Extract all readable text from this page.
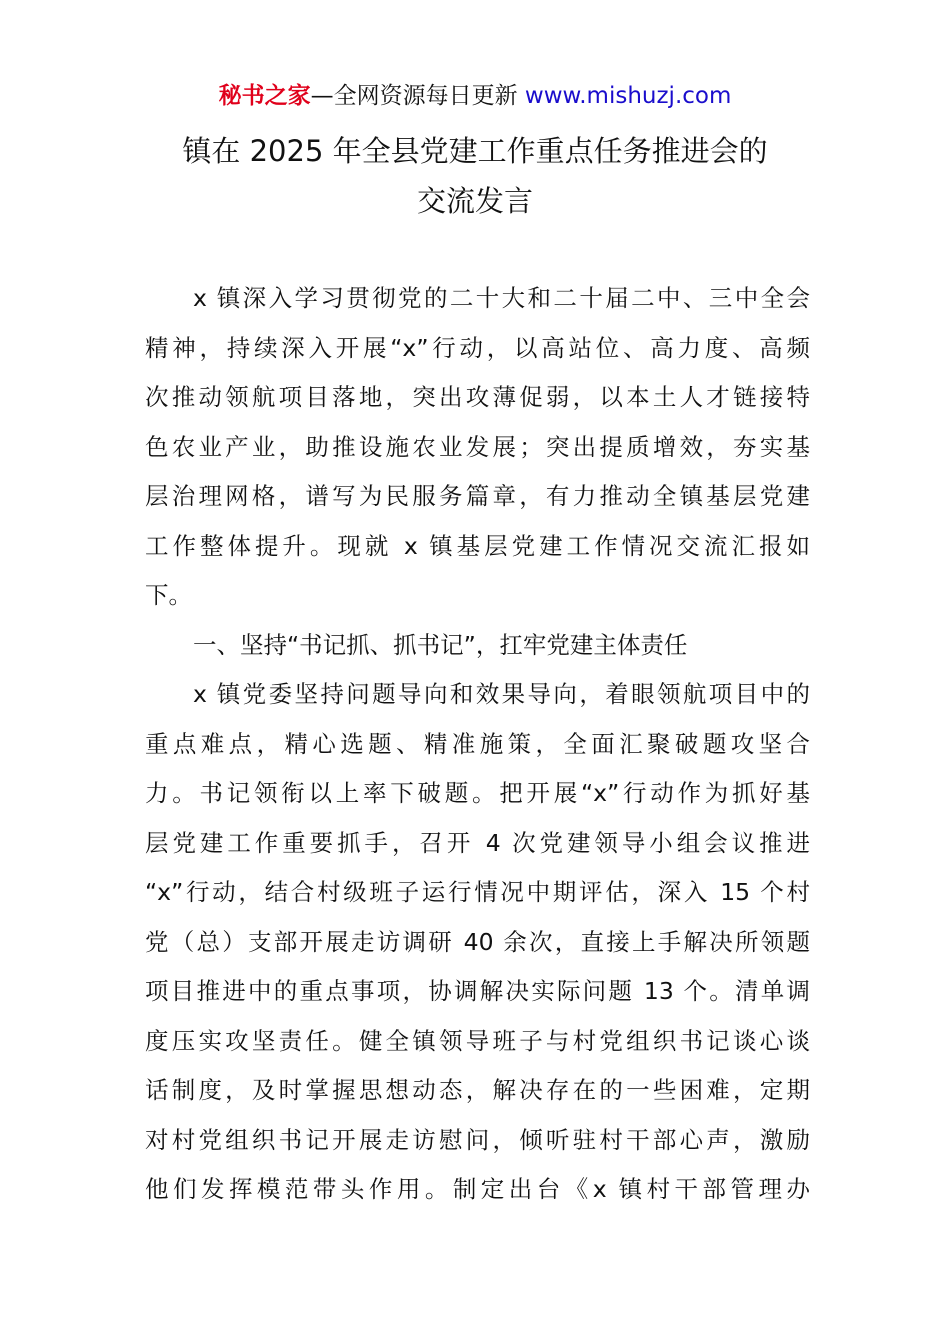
秘书之家—全网资源每日更新 www.mishuzj.com
镇在 2025 年全县党建工作重点任务推进会的
交流发言
x 镇深入学习贯彻党的二十大和二十届二中、三中全会
精神，持续深入开展“x”行动，以高站位、高力度、高频
次推动领航项目落地，突出攻薄促弱，以本土人才链接特
色农业产业，助推设施农业发展；突出提质增效，夯实基
层治理网格，谱写为民服务篇章，有力推动全镇基层党建
工作整体提升。现就 x 镇基层党建工作情况交流汇报如
下。
一、坚持“书记抓、抓书记”，扛牢党建主体责任
x 镇党委坚持问题导向和效果导向，着眼领航项目中的
重点难点，精心选题、精准施策，全面汇聚破题攻坚合
力。书记领衔以上率下破题。把开展“x”行动作为抓好基
层党建工作重要抓手，召开 4 次党建领导小组会议推进
“x”行动，结合村级班子运行情况中期评估，深入 15 个村
党（总）支部开展走访调研 40 余次，直接上手解决所领题
项目推进中的重点事项，协调解决实际问题 13 个。清单调
度压实攻坚责任。健全镇领导班子与村党组织书记谈心谈
话制度，及时掌握思想动态，解决存在的一些困难，定期
对村党组织书记开展走访慰问，倾听驻村干部心声，激励
他们发挥模范带头作用。制定出台《x 镇村干部管理办
